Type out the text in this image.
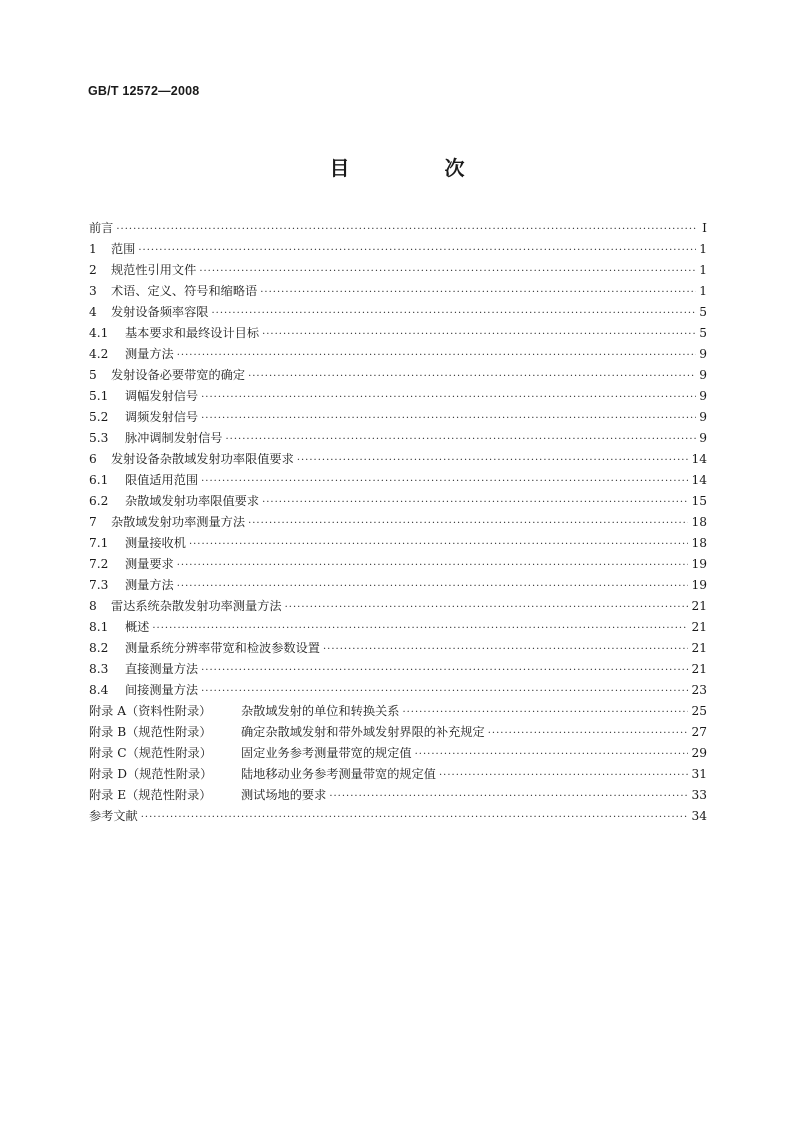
GB/T 12572—2008
目 次
前言 ·····	Ⅰ
1	范围 ·····	1
2	规范性引用文件 ·····	1
3	术语、定义、符号和缩略语 ·····	1
4	发射设备频率容限 ·····	5
4.1	基本要求和最终设计目标 ·····	5
4.2	测量方法 ·····	9
5	发射设备必要带宽的确定 ·····	9
5.1	调幅发射信号 ·····	9
5.2	调频发射信号 ·····	9
5.3	脉冲调制发射信号 ·····	9
6	发射设备杂散域发射功率限值要求 ·····	14
6.1	限值适用范围 ·····	14
6.2	杂散域发射功率限值要求 ·····	15
7	杂散域发射功率测量方法 ·····	18
7.1	测量接收机 ·····	18
7.2	测量要求 ·····	19
7.3	测量方法 ·····	19
8	雷达系统杂散发射功率测量方法 ·····	21
8.1	概述 ·····	21
8.2	测量系统分辨率带宽和检波参数设置 ·····	21
8.3	直接测量方法 ·····	21
8.4	间接测量方法 ·····	23
附录 A（资料性附录）	杂散域发射的单位和转换关系 ·····	25
附录 B（规范性附录）	确定杂散域发射和带外域发射界限的补充规定 ·····	27
附录 C（规范性附录）	固定业务参考测量带宽的规定值 ·····	29
附录 D（规范性附录）	陆地移动业务参考测量带宽的规定值 ·····	31
附录 E（规范性附录）	测试场地的要求 ·····	33
参考文献 ·····	34
